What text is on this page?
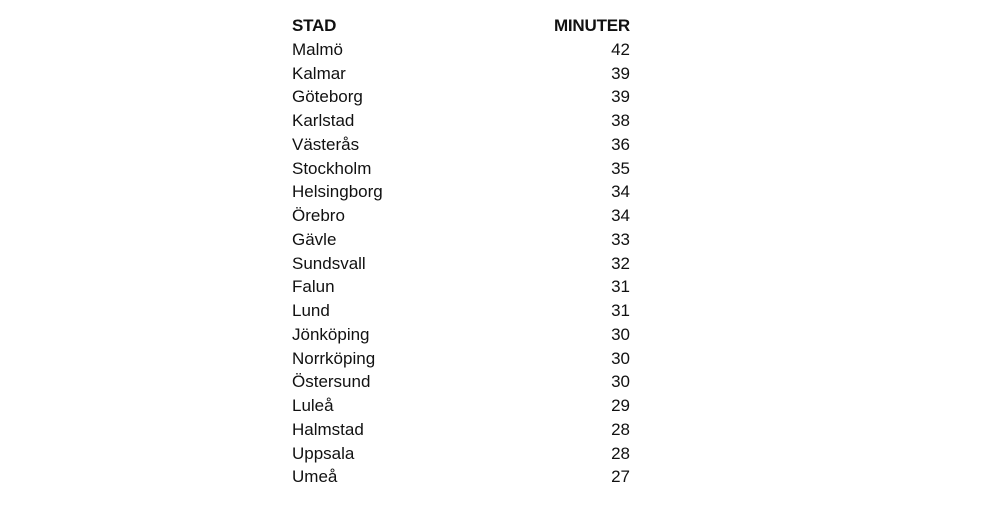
STAD	MINUTER
Malmö	42
Kalmar	39
Göteborg	39
Karlstad	38
Västerås	36
Stockholm	35
Helsingborg	34
Örebro	34
Gävle	33
Sundsvall	32
Falun	31
Lund	31
Jönköping	30
Norrköping	30
Östersund	30
Luleå	29
Halmstad	28
Uppsala	28
Umeå	27
